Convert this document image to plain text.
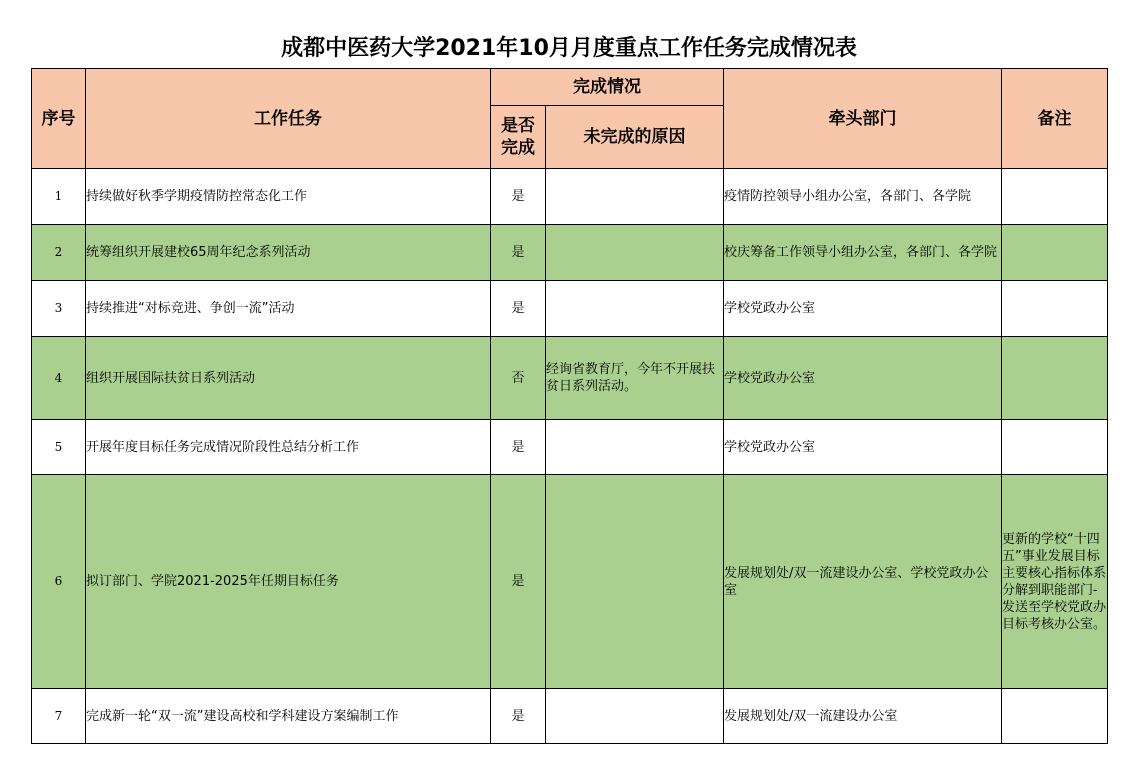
成都中医药大学2021年10月月度重点工作任务完成情况表
序号	工作任务	完成情况		牵头部门	备注
		是否完成	未完成的原因		
1	持续做好秋季学期疫情防控常态化工作	是		疫情防控领导小组办公室，各部门、各学院	
2	统筹组织开展建校65周年纪念系列活动	是		校庆筹备工作领导小组办公室，各部门、各学院	
3	持续推进“对标竞进、争创一流”活动	是		学校党政办公室	
4	组织开展国际扶贫日系列活动	否	经询省教育厅，今年不开展扶贫日系列活动。	学校党政办公室	
5	开展年度目标任务完成情况阶段性总结分析工作	是		学校党政办公室	
6	拟订部门、学院2021-2025年任期目标任务	是		发展规划处/双一流建设办公室、学校党政办公室	更新的学校“十四五”事业发展目标主要核心指标体系分解到职能部门-发送至学校党政办目标考核办公室。
7	完成新一轮“双一流”建设高校和学科建设方案编制工作	是		发展规划处/双一流建设办公室	
